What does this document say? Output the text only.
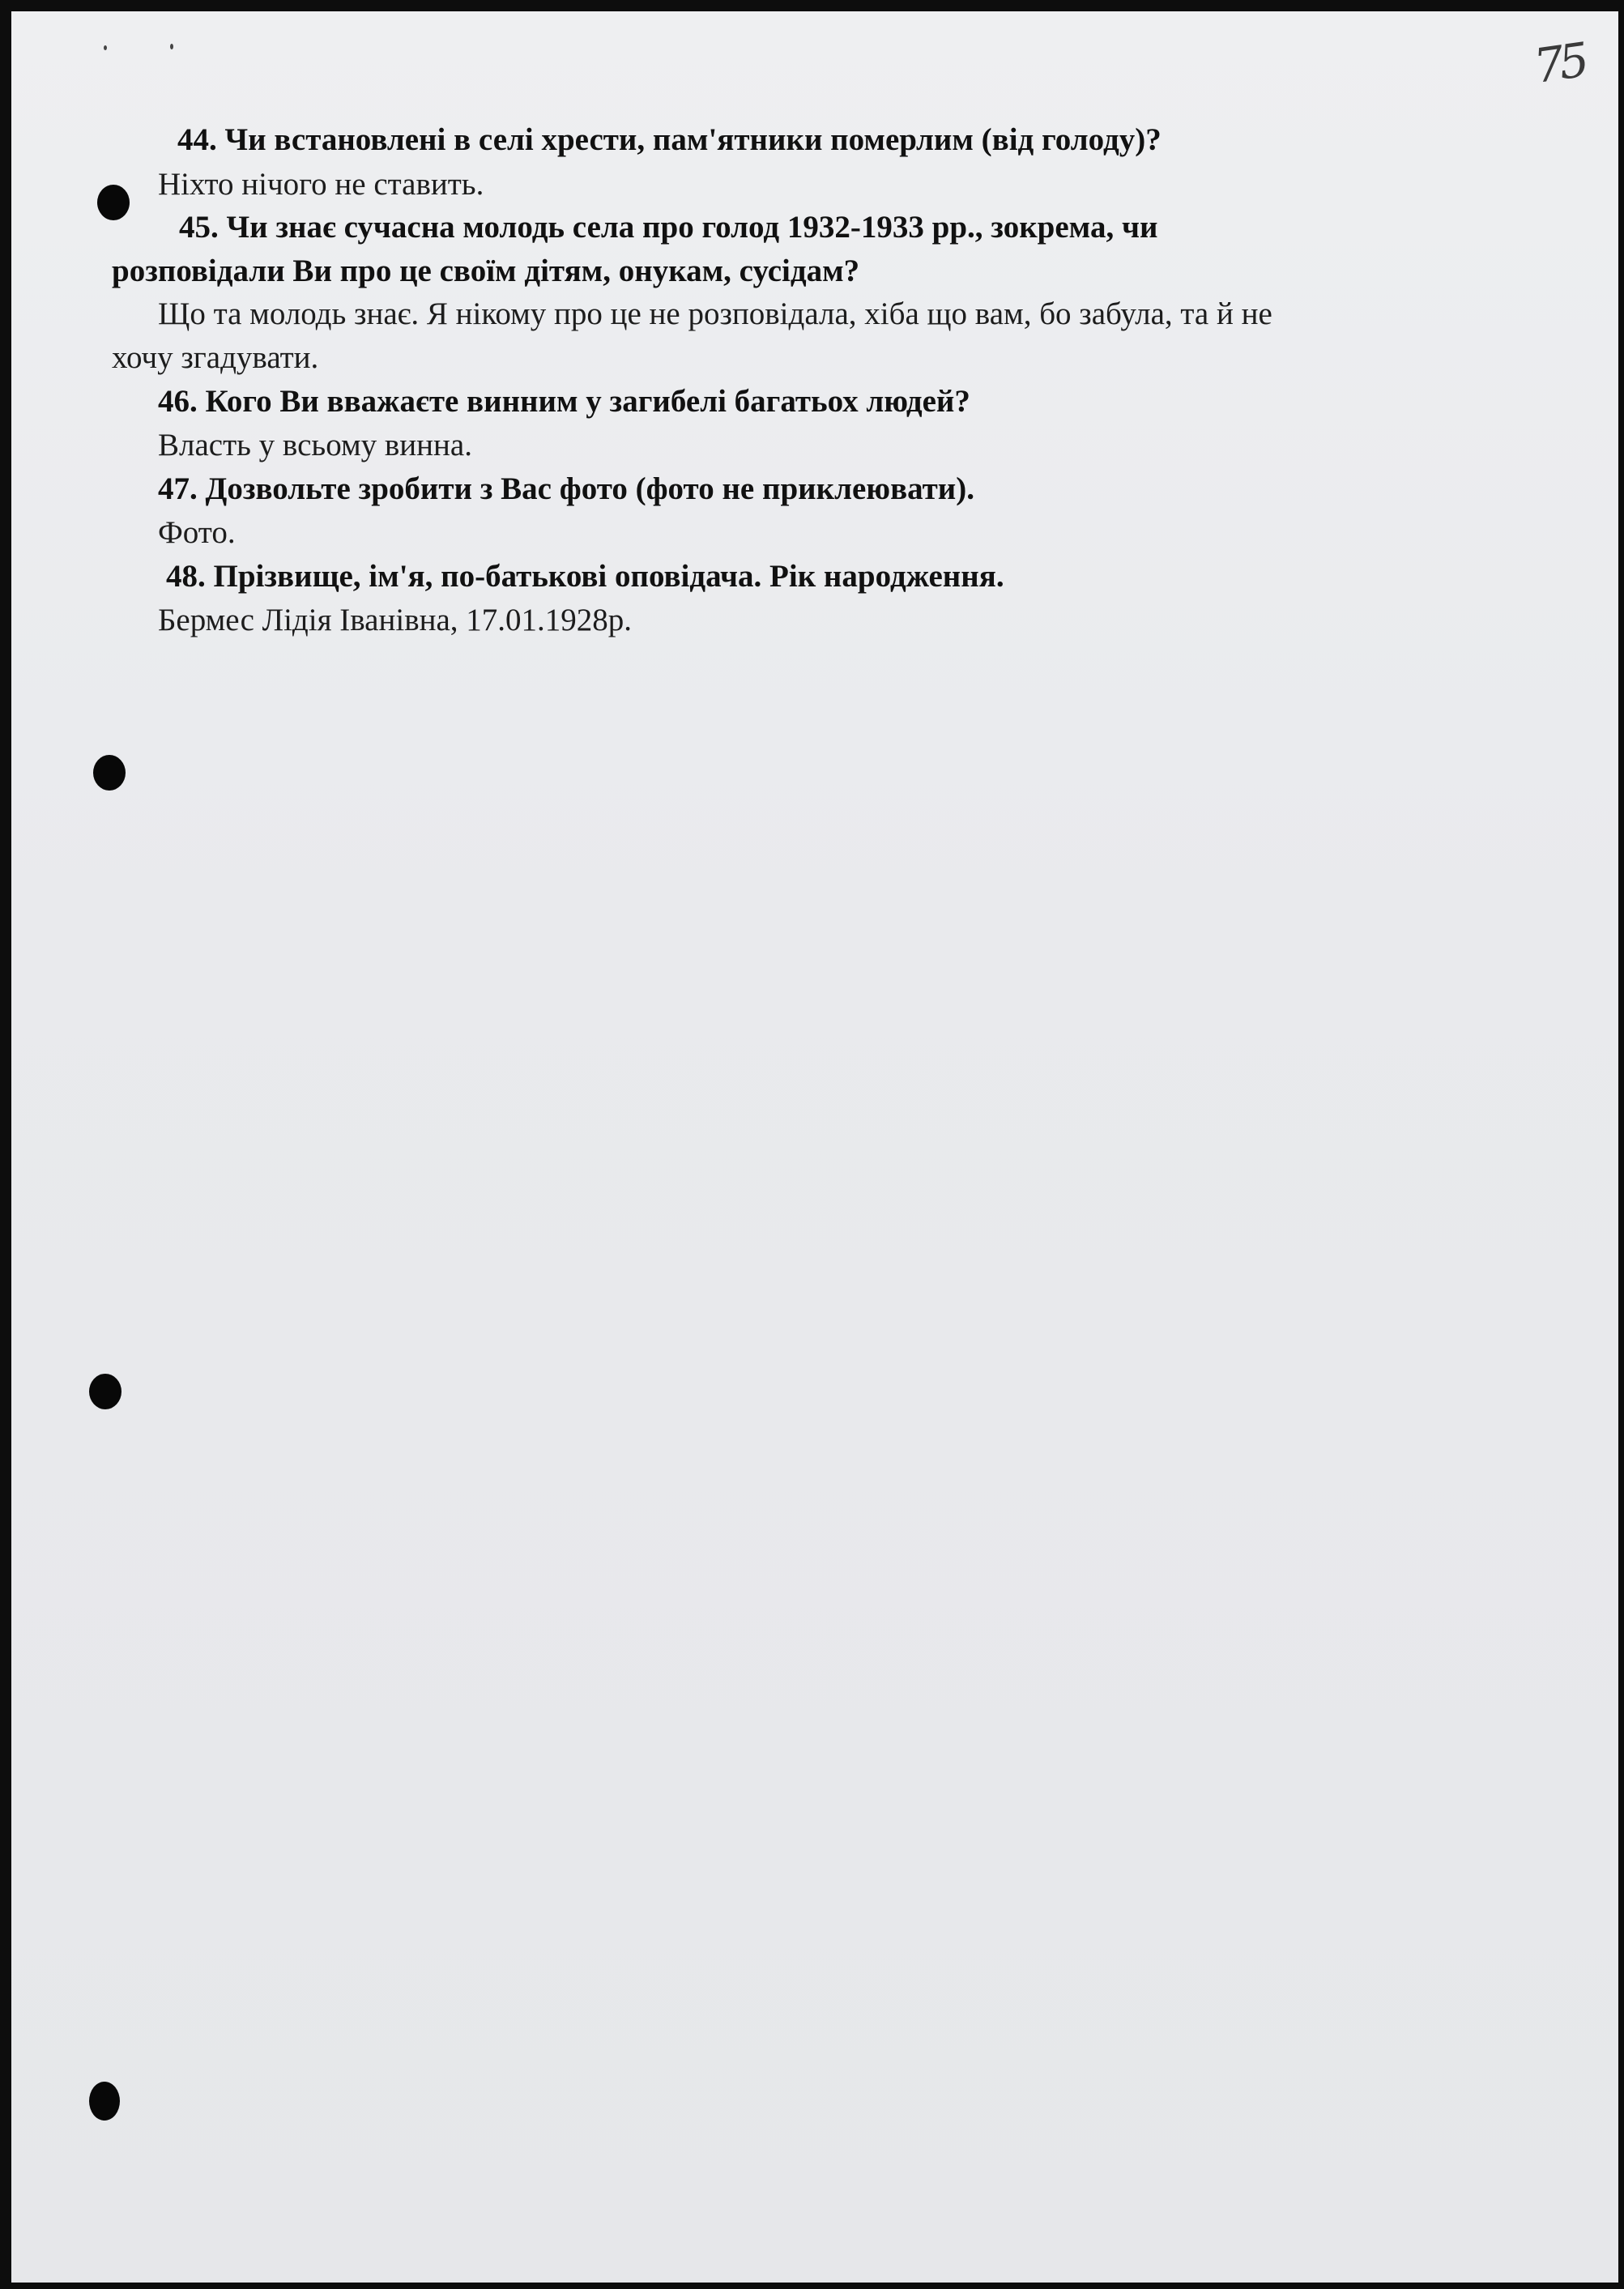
75

44. Чи встановлені в селі хрести, пам'ятники померлим (від голоду)?

Ніхто нічого не ставить.

45. Чи знає сучасна молодь села про голод 1932-1933 рр., зокрема, чи

розповідали Ви про це своїм дітям, онукам, сусідам?

Що та молодь знає. Я нікому про це не розповідала, хіба що вам, бо забула, та й не

хочу згадувати.

46. Кого Ви вважаєте винним у загибелі багатьох людей?

Власть у всьому винна.

47. Дозвольте зробити з Вас фото (фото не приклеювати).

Фото.

48. Прізвище, ім'я, по-батькові оповідача. Рік народження.

Бермес Лідія Іванівна, 17.01.1928р.
